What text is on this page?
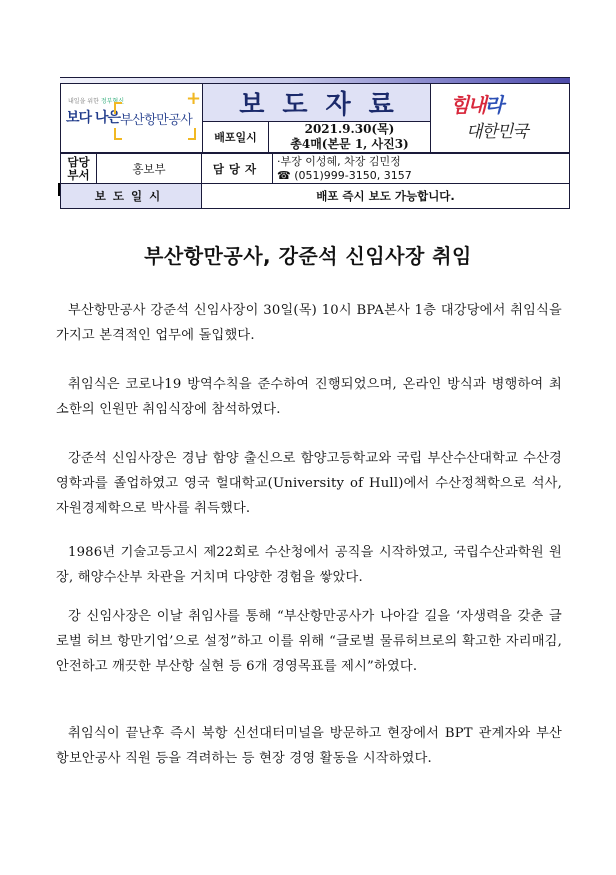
내일을 위한 정부혁신
보다 나은
+
부산항만공사	보도자료		힘내라
대한민국

	배포일시	2021.9.30(목)
총4매(본문 1, 사진3)	
담당
부서	홍보부	담당자	
·부장 이성혜, 차장 김민정
☎ (051)999-3150, 3157

보도일시		배포 즉시 보도 가능합니다.	
부산항만공사, 강준석 신임사장 취임

부산항만공사 강준석 신임사장이 30일(목) 10시 BPA본사 1층 대강당에서 취임식을 가지고 본격적인 업무에 돌입했다.

취임식은 코로나19 방역수칙을 준수하여 진행되었으며, 온라인 방식과 병행하여 최소한의 인원만 취임식장에 참석하였다.

강준석 신임사장은 경남 함양 출신으로 함양고등학교와 국립 부산수산대학교 수산경영학과를 졸업하였고 영국 헐대학교(University of Hull)에서 수산정책학으로 석사, 자원경제학으로 박사를 취득했다.

1986년 기술고등고시 제22회로 수산청에서 공직을 시작하였고, 국립수산과학원 원장, 해양수산부 차관을 거치며 다양한 경험을 쌓았다.

강 신임사장은 이날 취임사를 통해 “부산항만공사가 나아갈 길을 ‘자생력을 갖춘 글로벌 허브 항만기업’으로 설정”하고 이를 위해 “글로벌 물류허브로의 확고한 자리매김, 안전하고 깨끗한 부산항 실현 등 6개 경영목표를 제시”하였다.

취임식이 끝난후 즉시 북항 신선대터미널을 방문하고 현장에서 BPT 관계자와 부산항보안공사 직원 등을 격려하는 등 현장 경영 활동을 시작하였다.
